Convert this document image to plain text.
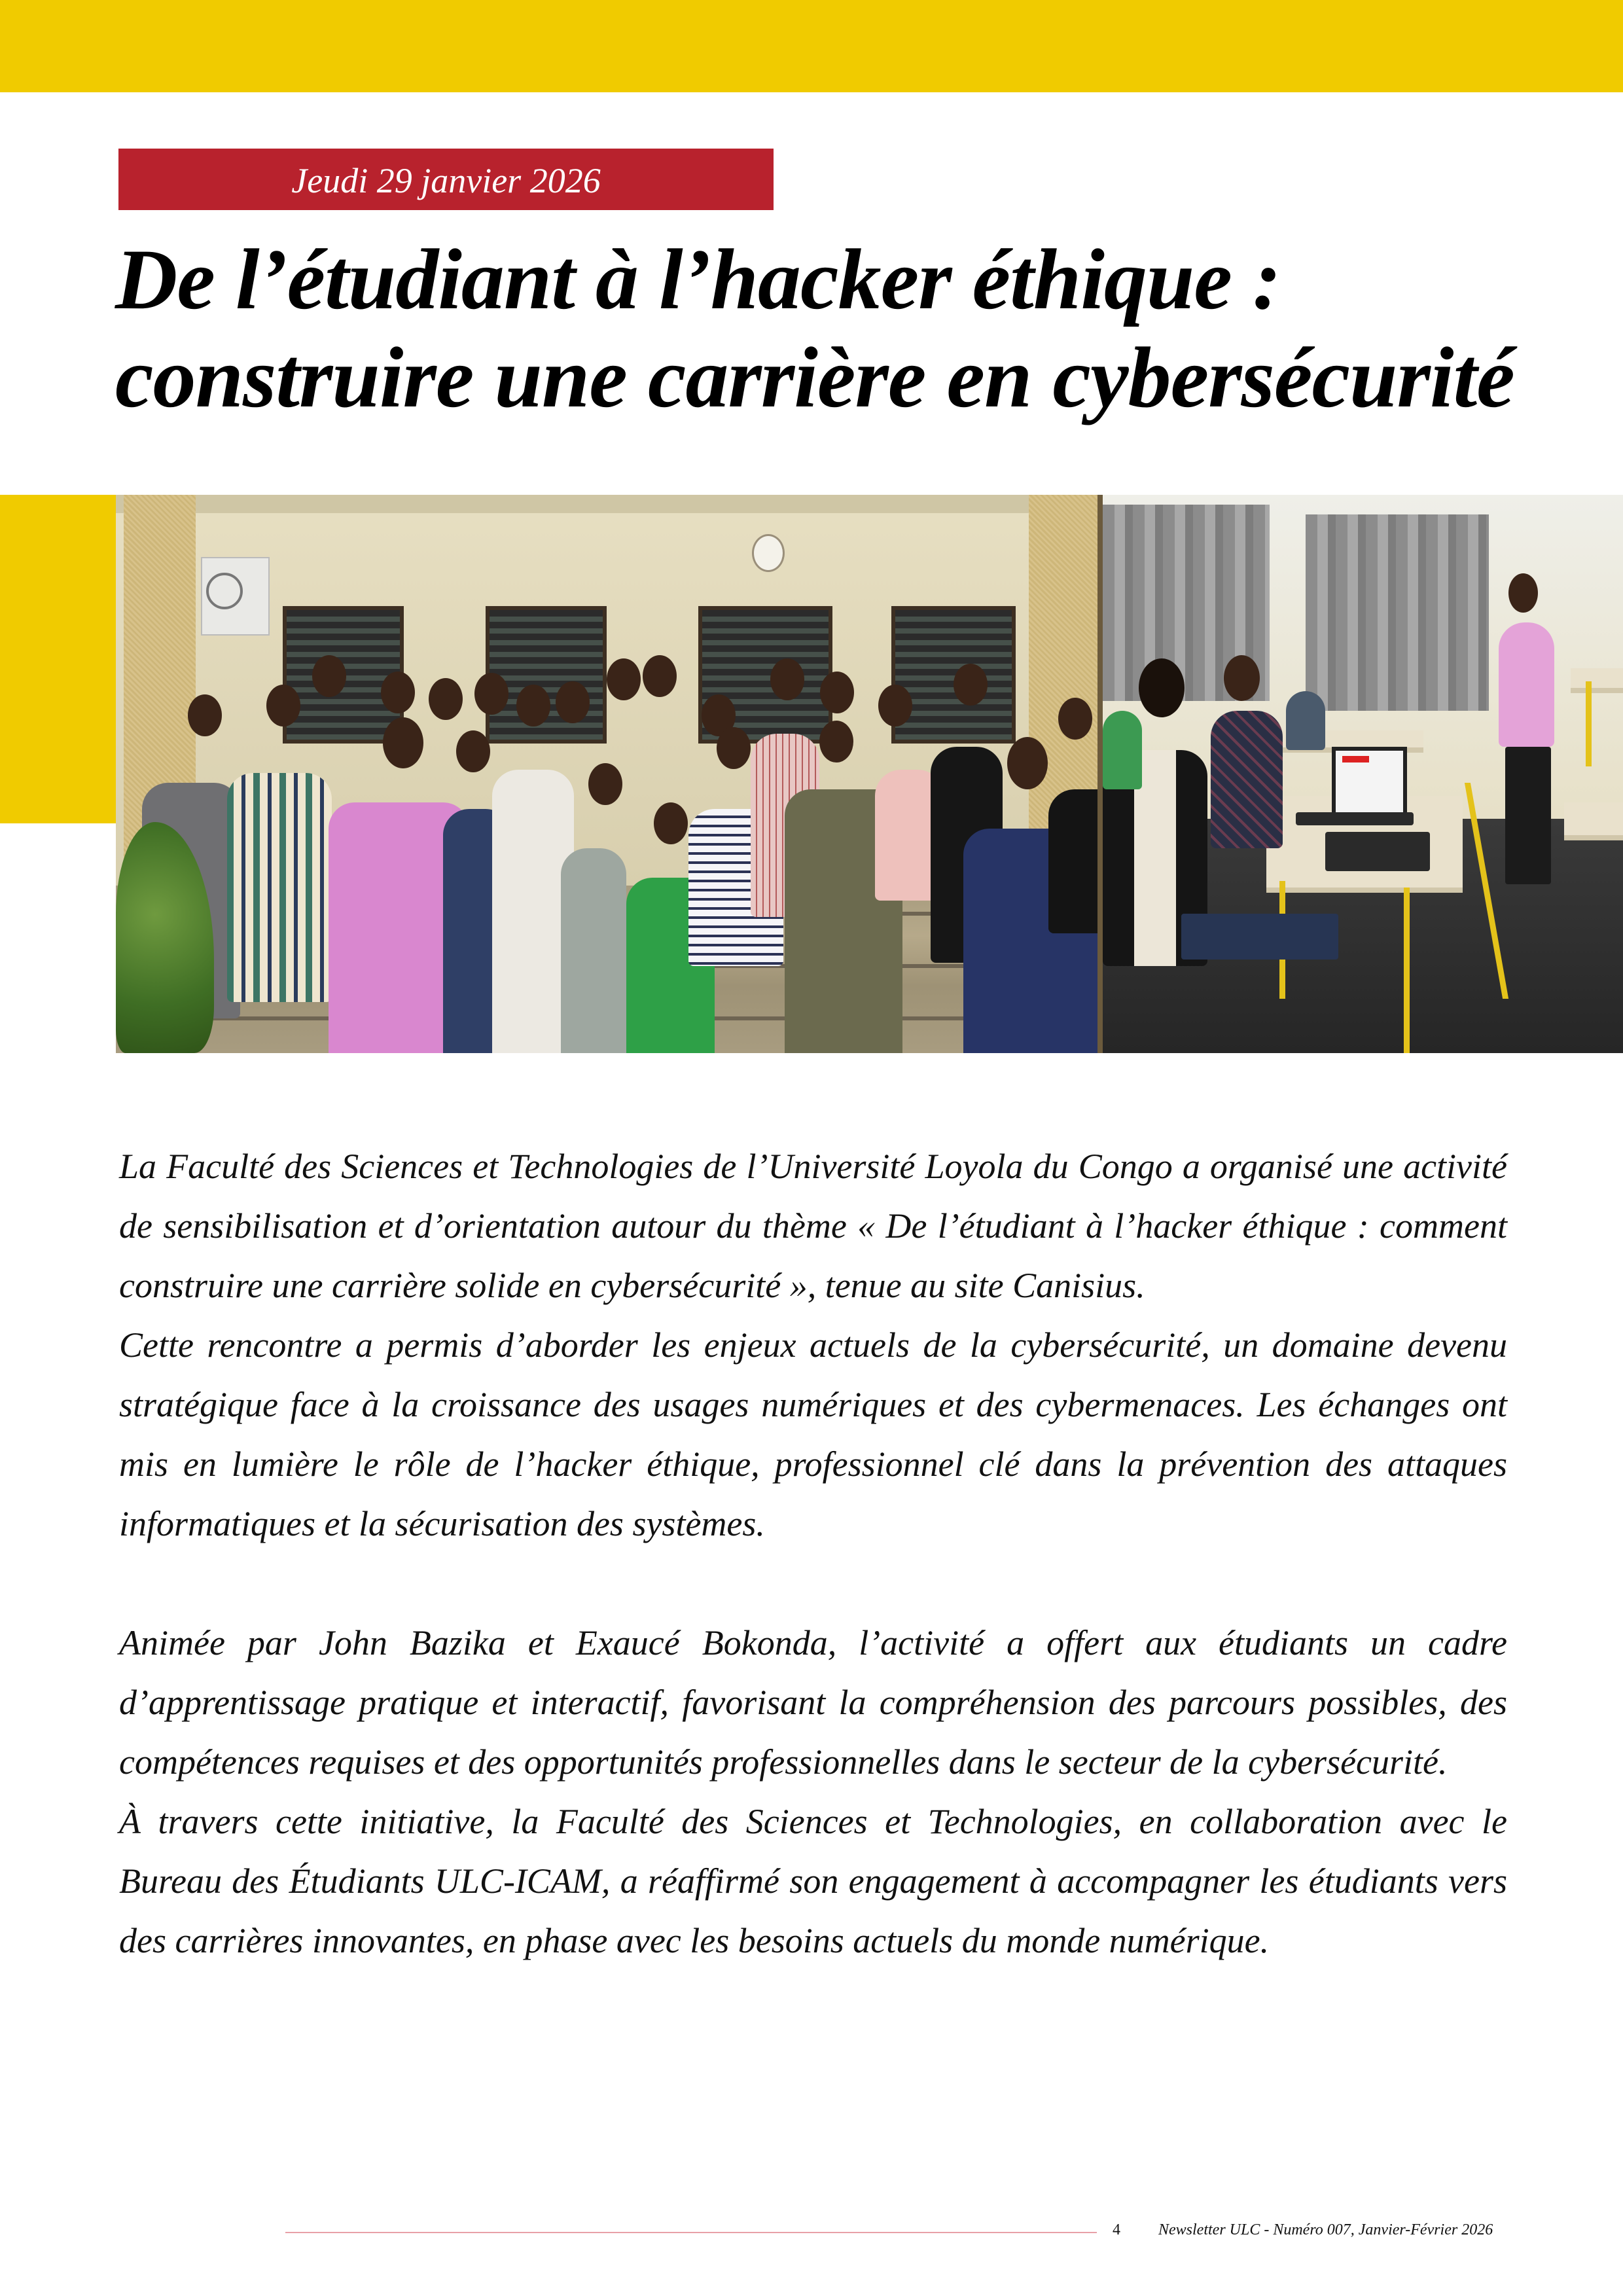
Jeudi 29 janvier 2026
De l’étudiant à l’hacker éthique :
construire une carrière en cybersécurité

La Faculté des Sciences et Technologies de l’Université Loyola du Congo a organisé une activité de sensibilisation et d’orientation autour du thème « De l’étudiant à l’hacker éthique : comment construire une carrière solide en cybersécurité », tenue au site Canisius.

Cette rencontre a permis d’aborder les enjeux actuels de la cybersécurité, un domaine devenu stratégique face à la croissance des usages numériques et des cybermenaces. Les échanges ont mis en lumière le rôle de l’hacker éthique, professionnel clé dans la prévention des attaques informatiques et la sécurisation des systèmes.

Animée par John Bazika et Exaucé Bokonda, l’activité a offert aux étudiants un cadre d’apprentissage pratique et interactif, favorisant la compréhension des parcours possibles, des compétences requises et des opportunités professionnelles dans le secteur de la cybersécurité.

À travers cette initiative, la Faculté des Sciences et Technologies, en collaboration avec le Bureau des Étudiants ULC-ICAM, a réaffirmé son engagement à accompagner les étudiants vers des carrières innovantes, en phase avec les besoins actuels du monde numérique.

4 Newsletter ULC - Numéro 007, Janvier-Février 2026
